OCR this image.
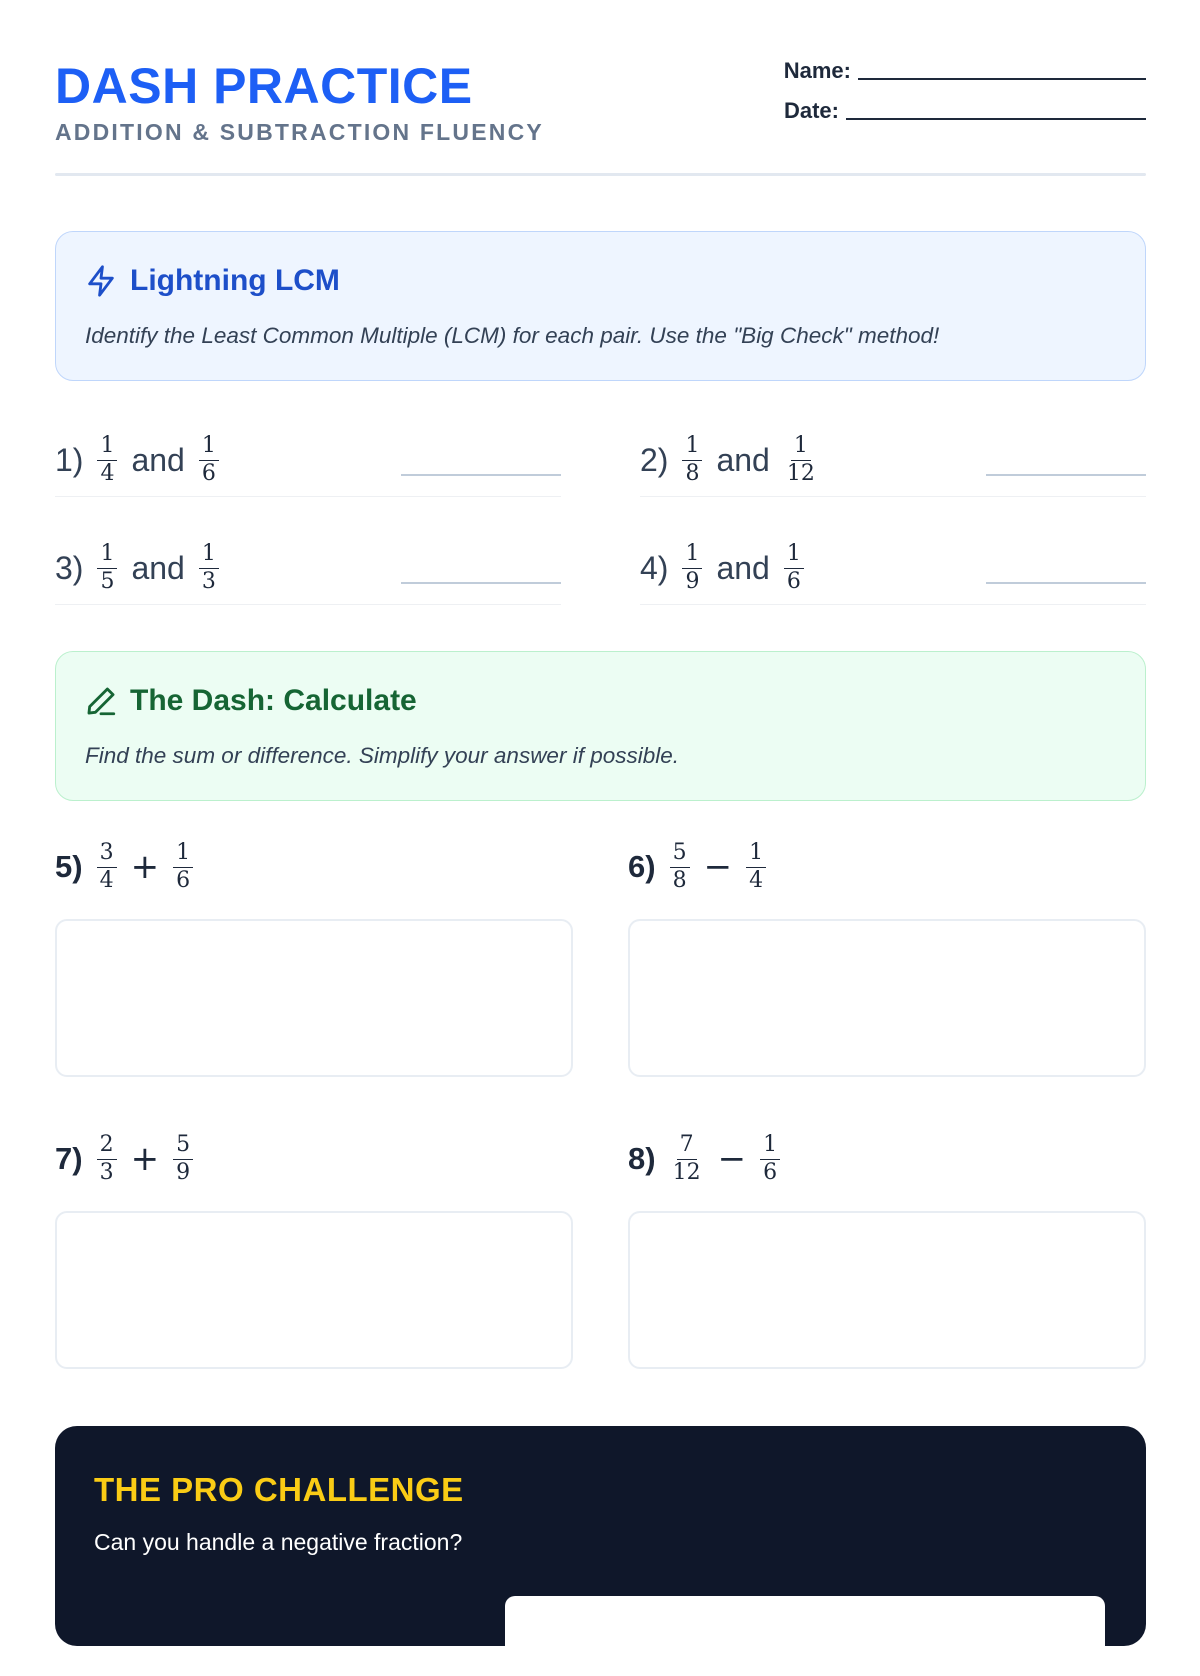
DASH PRACTICE
ADDITION & SUBTRACTION FLUENCY
Name:
Date:
Lightning LCM
Identify the Least Common Multiple (LCM) for each pair. Use the "Big Check" method!
$1) \frac{1}{4}$ and $\frac{1}{6}$	$2) \frac{1}{8}$ and $\frac{1}{12}$
$3) \frac{1}{5}$ and $\frac{1}{3}$	$4) \frac{1}{9}$ and $\frac{1}{6}$
The Dash: Calculate
Find the sum or difference. Simplify your answer if possible.
$5) \frac{3}{4} + \frac{1}{6}$	$6) \frac{5}{8} - \frac{1}{4}$
$7) \frac{2}{3} + \frac{5}{9}$	$8) \frac{7}{12} - \frac{1}{6}$
THE PRO CHALLENGE
Can you handle a negative fraction?
